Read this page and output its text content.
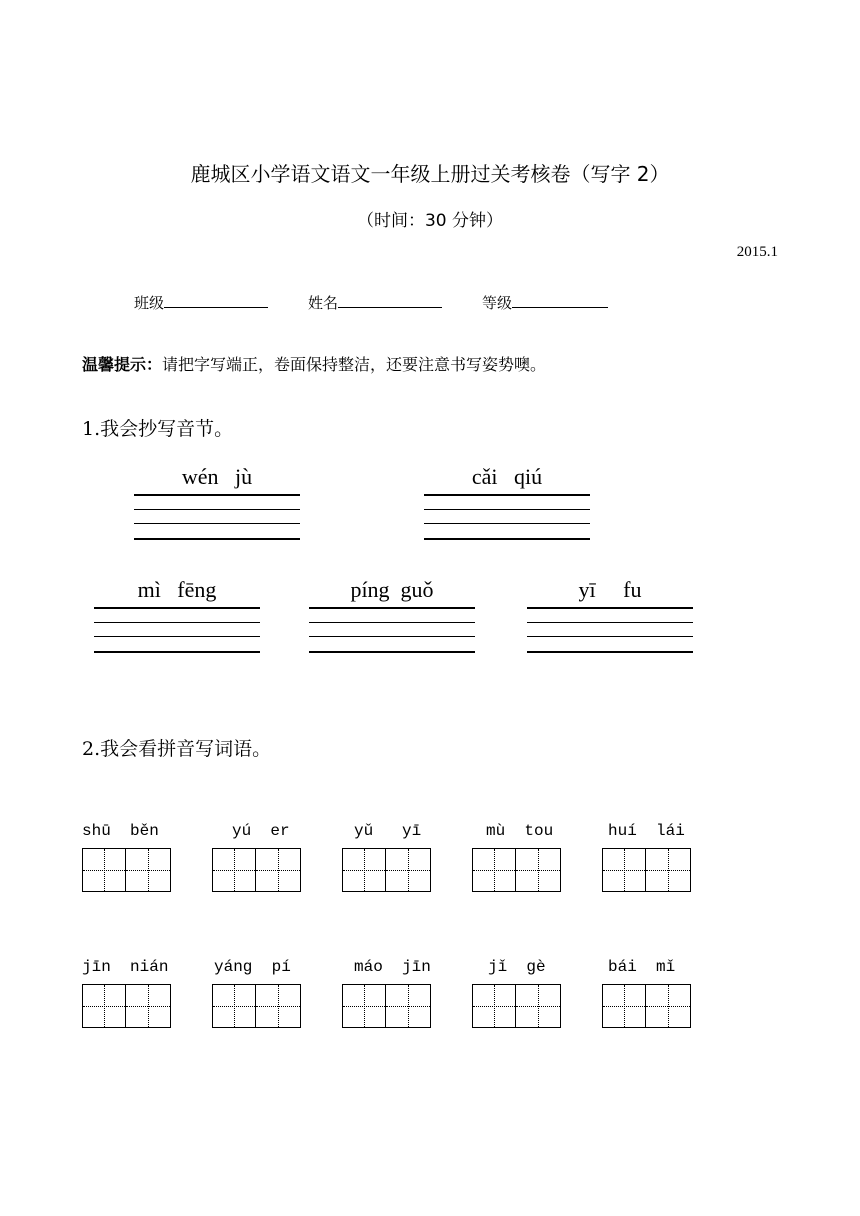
鹿城区小学语文语文一年级上册过关考核卷（写字 2）
（时间：30 分钟）
2015.1
班级	姓名	等级
温馨提示：请把字写端正，卷面保持整洁，还要注意书写姿势噢。
1.我会抄写音节。
wén   jù	cǎi   qiú
mì   fēng	píng  guǒ	yī     fu
2.我会看拼音写词语。
shū  běn	yú  er	yǔ   yī	mù  tou	huí  lái
jīn  nián	yáng  pí	máo  jīn	jǐ  gè	bái  mǐ
